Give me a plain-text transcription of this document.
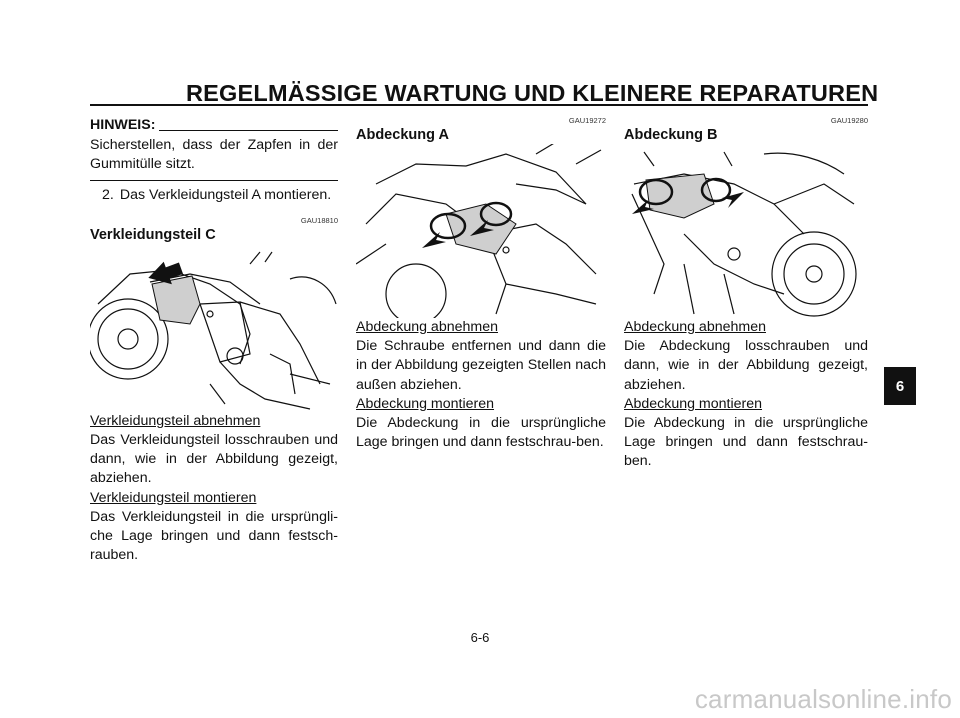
REGELMÄSSIGE WARTUNG UND KLEINERE REPARATUREN
HINWEIS:

Sicherstellen, dass der Zapfen in der Gummitülle sitzt.

2. Das Verkleidungsteil A montieren.
GAU18810
Verkleidungsteil C

Verkleidungsteil abnehmen

Das Verkleidungsteil losschrauben und dann, wie in der Abbildung gezeigt, abziehen.

Verkleidungsteil montieren

Das Verkleidungsteil in die ursprüngli-che Lage bringen und dann festsch-rauben.

GAU19272
Abdeckung A

Abdeckung abnehmen

Die Schraube entfernen und dann die in der Abbildung gezeigten Stellen nach außen abziehen.

Abdeckung montieren

Die Abdeckung in die ursprüngliche Lage bringen und dann festschrau-ben.

GAU19280
Abdeckung B

Abdeckung abnehmen

Die Abdeckung losschrauben und dann, wie in der Abbildung gezeigt, abziehen.

Abdeckung montieren

Die Abdeckung in die ursprüngliche Lage bringen und dann festschrau-ben.

6
6-6
carmanualsonline.info
